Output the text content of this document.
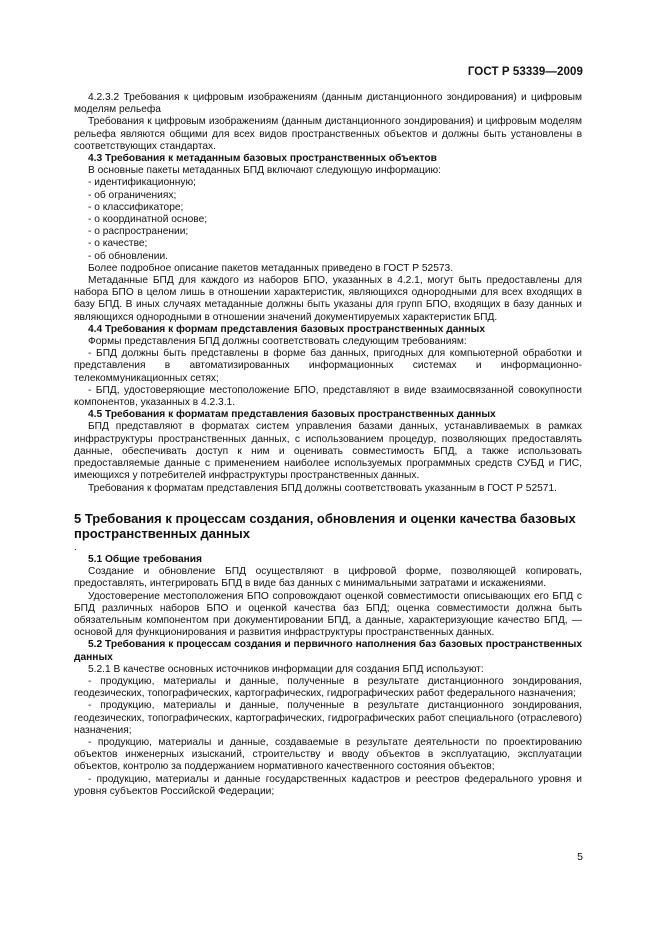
ГОСТ Р 53339—2009

4.2.3.2 Требования к цифровым изображениям (данным дистанционного зондирования) и цифровым моделям рельефа

Требования к цифровым изображениям (данным дистанционного зондирования) и цифровым моделям рельефа являются общими для всех видов пространственных объектов и должны быть установлены в соответствующих стандартах.

4.3 Требования к метаданным базовых пространственных объектов

В основные пакеты метаданных БПД включают следующую информацию:

- идентификационную;

- об ограничениях;

- о классификаторе;

- о координатной основе;

- о распространении;

- о качестве;

- об обновлении.

Более подробное описание пакетов метаданных приведено в ГОСТ Р 52573.

Метаданные БПД для каждого из наборов БПО, указанных в 4.2.1, могут быть предоставлены для набора БПО в целом лишь в отношении характеристик, являющихся однородными для всех входящих в базу БПД. В иных случаях метаданные должны быть указаны для групп БПО, входящих в базу данных и являющихся однородными в отношении значений документируемых характеристик БПД.

4.4 Требования к формам представления базовых пространственных данных

Формы представления БПД должны соответствовать следующим требованиям:

- БПД должны быть представлены в форме баз данных, пригодных для компьютерной обработки и представления в автоматизированных информационных системах и информационно-телекоммуникационных сетях;

- БПД, удостоверяющие местоположение БПО, представляют в виде взаимосвязанной совокупности компонентов, указанных в 4.2.3.1.

4.5 Требования к форматам представления базовых пространственных данных

БПД представляют в форматах систем управления базами данных, устанавливаемых в рамках инфраструктуры пространственных данных, с использованием процедур, позволяющих предоставлять данные, обеспечивать доступ к ним и оценивать совместимость БПД, а также использовать предоставляемые данные с применением наиболее используемых программных средств СУБД и ГИС, имеющихся у потребителей инфраструктуры пространственных данных.

Требования к форматам представления БПД должны соответствовать указанным в ГОСТ Р 52571.

5 Требования к процессам создания, обновления и оценки качества базовых пространственных данных

.

5.1 Общие требования

Создание и обновление БПД осуществляют в цифровой форме, позволяющей копировать, предоставлять, интегрировать БПД в виде баз данных с минимальными затратами и искажениями.

Удостоверение местоположения БПО сопровождают оценкой совместимости описывающих его БПД с БПД различных наборов БПО и оценкой качества баз БПД; оценка совместимости должна быть обязательным компонентом при документировании БПД, а данные, характеризующие качество БПД, — основой для функционирования и развития инфраструктуры пространственных данных.

5.2 Требования к процессам создания и первичного наполнения баз базовых пространственных данных

5.2.1 В качестве основных источников информации для создания БПД используют:

- продукцию, материалы и данные, полученные в результате дистанционного зондирования, геодезических, топографических, картографических, гидрографических работ федерального назначения;

- продукцию, материалы и данные, полученные в результате дистанционного зондирования, геодезических, топографических, картографических, гидрографических работ специального (отраслевого) назначения;

- продукцию, материалы и данные, создаваемые в результате деятельности по проектированию объектов инженерных изысканий, строительству и вводу объектов в эксплуатацию, эксплуатации объектов, контролю за поддержанием нормативного качественного состояния объектов;

- продукцию, материалы и данные государственных кадастров и реестров федерального уровня и уровня субъектов Российской Федерации;

5
